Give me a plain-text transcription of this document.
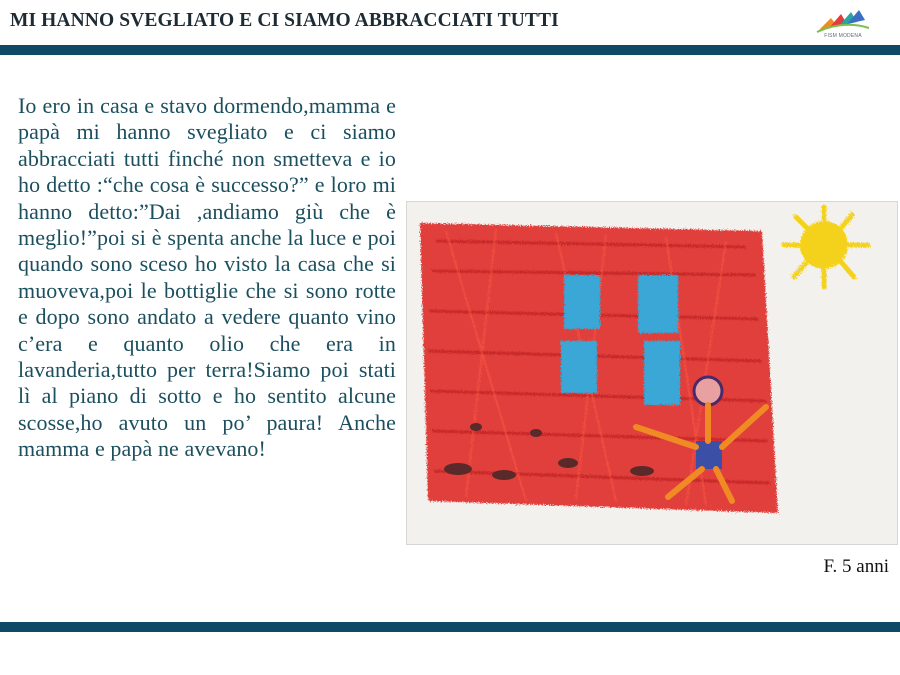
MI HANNO SVEGLIATO E CI SIAMO ABBRACCIATI TUTTI
FISM MODENA

Io ero in casa e stavo dormendo,mamma e papà mi hanno svegliato e ci siamo abbracciati tutti finché non smetteva e io ho detto :“che cosa è successo?” e loro mi hanno detto:”Dai ,andiamo giù che è meglio!”poi si è spenta anche la luce e poi quando sono sceso ho visto la casa che si muoveva,poi le bottiglie che si sono rotte e dopo sono andato a vedere quanto vino c’era e quanto olio che era in lavanderia,tutto per terra!Siamo poi stati lì al piano di sotto e ho sentito alcune scosse,ho avuto un po’ paura! Anche mamma e papà ne avevano!

F. 5 anni
